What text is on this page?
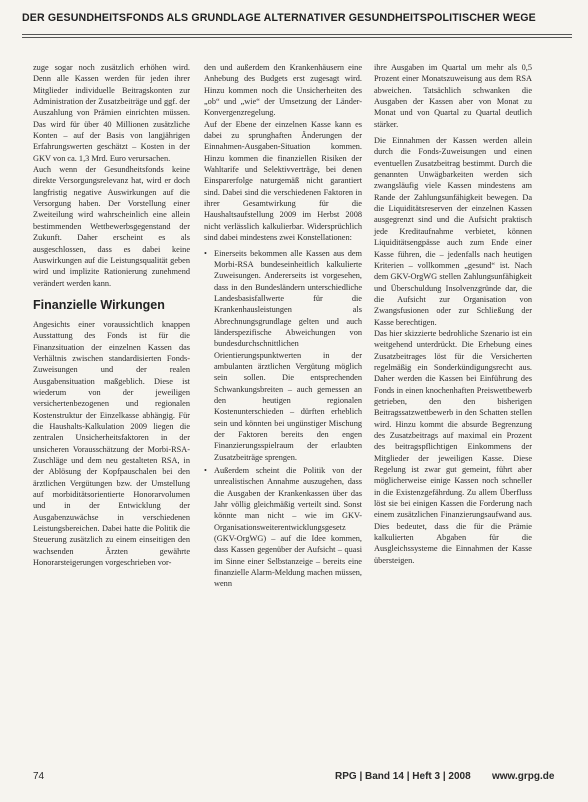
DER GESUNDHEITSFONDS ALS GRUNDLAGE ALTERNATIVER GESUNDHEITSPOLITISCHER WEGE

zuge sogar noch zusätzlich erhöhen wird. Denn alle Kassen werden für jeden ihrer Mitglieder individuelle Beitragskonten zur Administration der Zusatzbeiträge und ggf. der Auszahlung von Prämien einrichten müssen. Das wird für über 40 Millionen zusätzliche Konten – auf der Basis von langjährigen Erfahrungswerten geschätzt – Kosten in der GKV von ca. 1,3 Mrd. Euro verursachen.

Auch wenn der Gesundheitsfonds keine direkte Versorgungsrelevanz hat, wird er doch langfristig negative Auswirkungen auf die Versorgung haben. Der Vorstellung einer Zweiteilung wird wahrscheinlich eine allein bestimmenden Wettbewerbsgegenstand der Zukunft. Daher erscheint es als ausgeschlossen, dass es dabei keine Auswirkungen auf die Leistungsqualität geben wird und implizite Rationierung zunehmend verändert werden kann.

Finanzielle Wirkungen

Angesichts einer voraussichtlich knappen Ausstattung des Fonds ist für die Finanzsituation der einzelnen Kassen das Verhältnis zwischen standardisierten Fonds-Zuweisungen und der realen Ausgabensituation maßgeblich. Diese ist wiederum von der jeweiligen versichertenbezogenen und regionalen Kostenstruktur der Einzelkasse abhängig. Für die Haushalts-Kalkulation 2009 liegen die zentralen Unsicherheitsfaktoren in der unsicheren Vorausschätzung der Morbi-RSA-Zuschläge und dem neu gestalteten RSA, in der Ablösung der Kopfpauschalen bei den ärztlichen Vergütungen bzw. der Umstellung auf morbiditätsorientierte Honorarvolumen und in der Entwicklung der Ausgabenzuwächse in verschiedenen Leistungsbereichen. Dabei hatte die Politik die Steuerung zusätzlich zu einem einseitigen den wachsenden Ärzten gewährte Honorarsteigerungen vorgeschrieben vor-

den und außerdem den Krankenhäusern eine Anhebung des Budgets erst zugesagt wird. Hinzu kommen noch die Unsicherheiten des „ob“ und „wie“ der Umsetzung der Länder-Konvergenzregelung.

Auf der Ebene der einzelnen Kasse kann es dabei zu sprunghaften Änderungen der Einnahmen-Ausgaben-Situation kommen. Hinzu kommen die finanziellen Risiken der Wahltarife und Selektivverträge, bei denen Einsparerfolge naturgemäß nicht garantiert sind. Dabei sind die verschiedenen Faktoren in ihrer Gesamtwirkung für die Haushaltsaufstellung 2009 im Herbst 2008 nicht verlässlich kalkulierbar. Widersprüchlich sind dabei mindestens zwei Konstellationen:

• Einerseits bekommen alle Kassen aus dem Morbi-RSA bundeseinheitlich kalkulierte Zuweisungen. Andererseits ist vorgesehen, dass in den Bundesländern unterschiedliche Landesbasisfallwerte für die Krankenhausleistungen als Abrechnungsgrundlage gelten und auch länderspezifische Abweichungen von bundesdurchschnittlichen Orientierungspunktwerten in der ambulanten ärztlichen Vergütung möglich sein sollen. Die entsprechenden Schwankungsbreiten – auch gemessen an den heutigen regionalen Kostenunterschieden – dürften erheblich sein und könnten bei ungünstiger Mischung der Faktoren bereits den engen Finanzierungsspielraum der erlaubten Zusatzbeiträge sprengen.
• Außerdem scheint die Politik von der unrealistischen Annahme auszugehen, dass die Ausgaben der Krankenkassen über das Jahr völlig gleichmäßig verteilt sind. Sonst könnte man nicht – wie im GKV-Organisationsweiterentwicklungsgesetz (GKV-OrgWG) – auf die Idee kommen, dass Kassen gegenüber der Aufsicht – quasi im Sinne einer Selbstanzeige – bereits eine finanzielle Alarm-Meldung machen müssen, wenn

ihre Ausgaben im Quartal um mehr als 0,5 Prozent einer Monatszuweisung aus dem RSA abweichen. Tatsächlich schwanken die Ausgaben der Kassen aber von Monat zu Monat und von Quartal zu Quartal deutlich stärker.

Die Einnahmen der Kassen werden allein durch die Fonds-Zuweisungen und einen eventuellen Zusatzbeitrag bestimmt. Durch die genannten Unwägbarkeiten werden sich zwangsläufig viele Kassen mindestens am Rande der Zahlungsunfähigkeit bewegen. Da die Liquiditätsreserven der einzelnen Kassen ausgegrenzt sind und die Aufsicht praktisch jede Kreditaufnahme verbietet, können Liquiditätsengpässe auch zum Ende einer Kasse führen, die – jedenfalls nach heutigen Kriterien – vollkommen „gesund“ ist. Nach dem GKV-OrgWG stellen Zahlungsunfähigkeit und Überschuldung Insolvenzgründe dar, die die Aufsicht zur Organisation von Zwangsfusionen oder zur Schließung der Kasse berechtigen.

Das hier skizzierte bedrohliche Szenario ist ein weitgehend unterdrückt. Die Erhebung eines Zusatzbeitrages löst für die Versicherten regelmäßig ein Sonderkündigungsrecht aus. Daher werden die Kassen bei Einführung des Fonds in einen knochenhaften Preiswettbewerb getrieben, den den bisherigen Beitragssatzwettbewerb in den Schatten stellen wird. Hinzu kommt die absurde Begrenzung des Zusatzbeitrags auf maximal ein Prozent des beitragspflichtigen Einkommens der Mitglieder der jeweiligen Kasse. Diese Regelung ist zwar gut gemeint, führt aber möglicherweise einige Kassen noch schneller in die Existenzgefährdung. Zu allem Überfluss löst sie bei einigen Kassen die Forderung nach einem zusätzlichen Finanzierungsaufwand aus. Dies bedeutet, dass die für die Prämie kalkulierten Abgaben für die Ausgleichssysteme die Einnahmen der Kasse übersteigen.

74	RPG | Band 14 | Heft 3 | 2008 www.grpg.de
